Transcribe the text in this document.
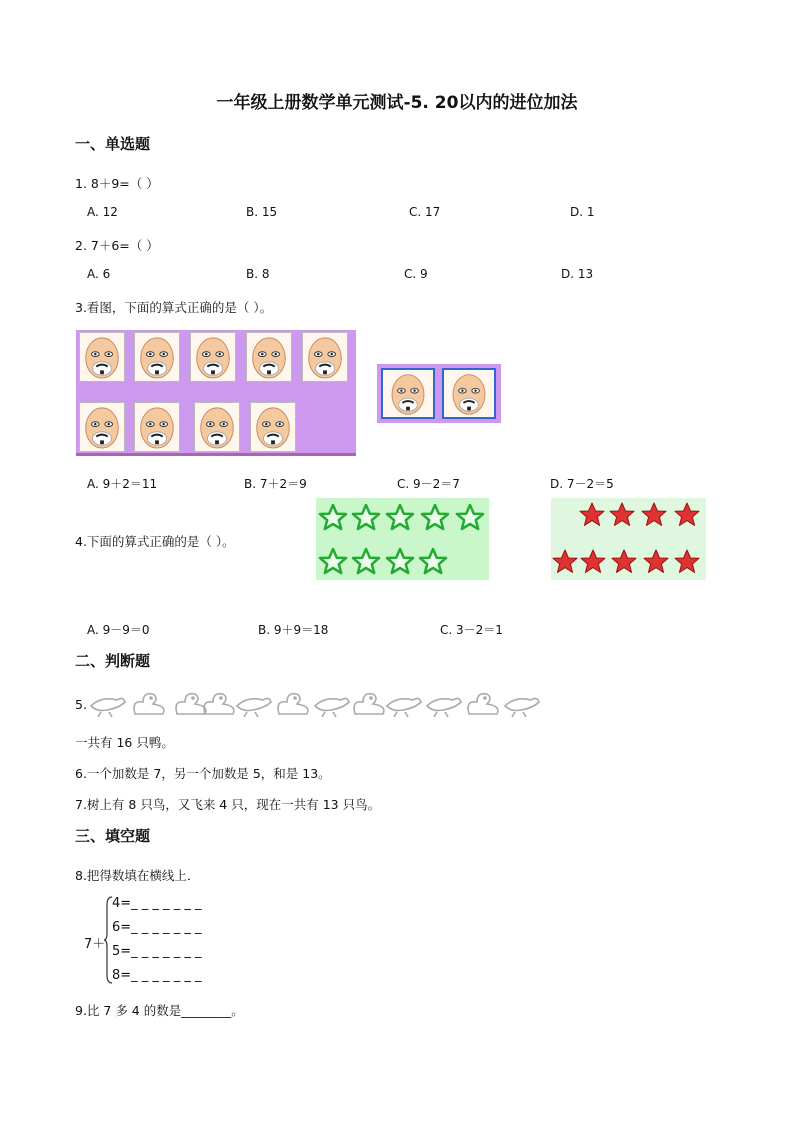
一年级上册数学单元测试-5. 20以内的进位加法
一、单选题
1. 8＋9=（ ）
A. 12	B. 15	C. 17	D. 1
2. 7＋6=（ ）
A. 6	B. 8	C. 9	D. 13
3.看图，下面的算式正确的是（ ）。
A. 9＋2＝11	B. 7＋2＝9	C. 9－2＝7	D. 7－2＝5
4.下面的算式正确的是（ ）。
A. 9－9＝0	B. 9＋9＝18	C. 3－2＝1
二、判断题
5.
一共有 16 只鸭。
6.一个加数是 7，另一个加数是 5，和是 13。
7.树上有 8 只鸟，又飞来 4 只，现在一共有 13 只鸟。
三、填空题
8.把得数填在横线上．
7＋
4=_ _ _ _ _ _ _
6=_ _ _ _ _ _ _
5=_ _ _ _ _ _ _
8=_ _ _ _ _ _ _
9.比 7 多 4 的数是________。
